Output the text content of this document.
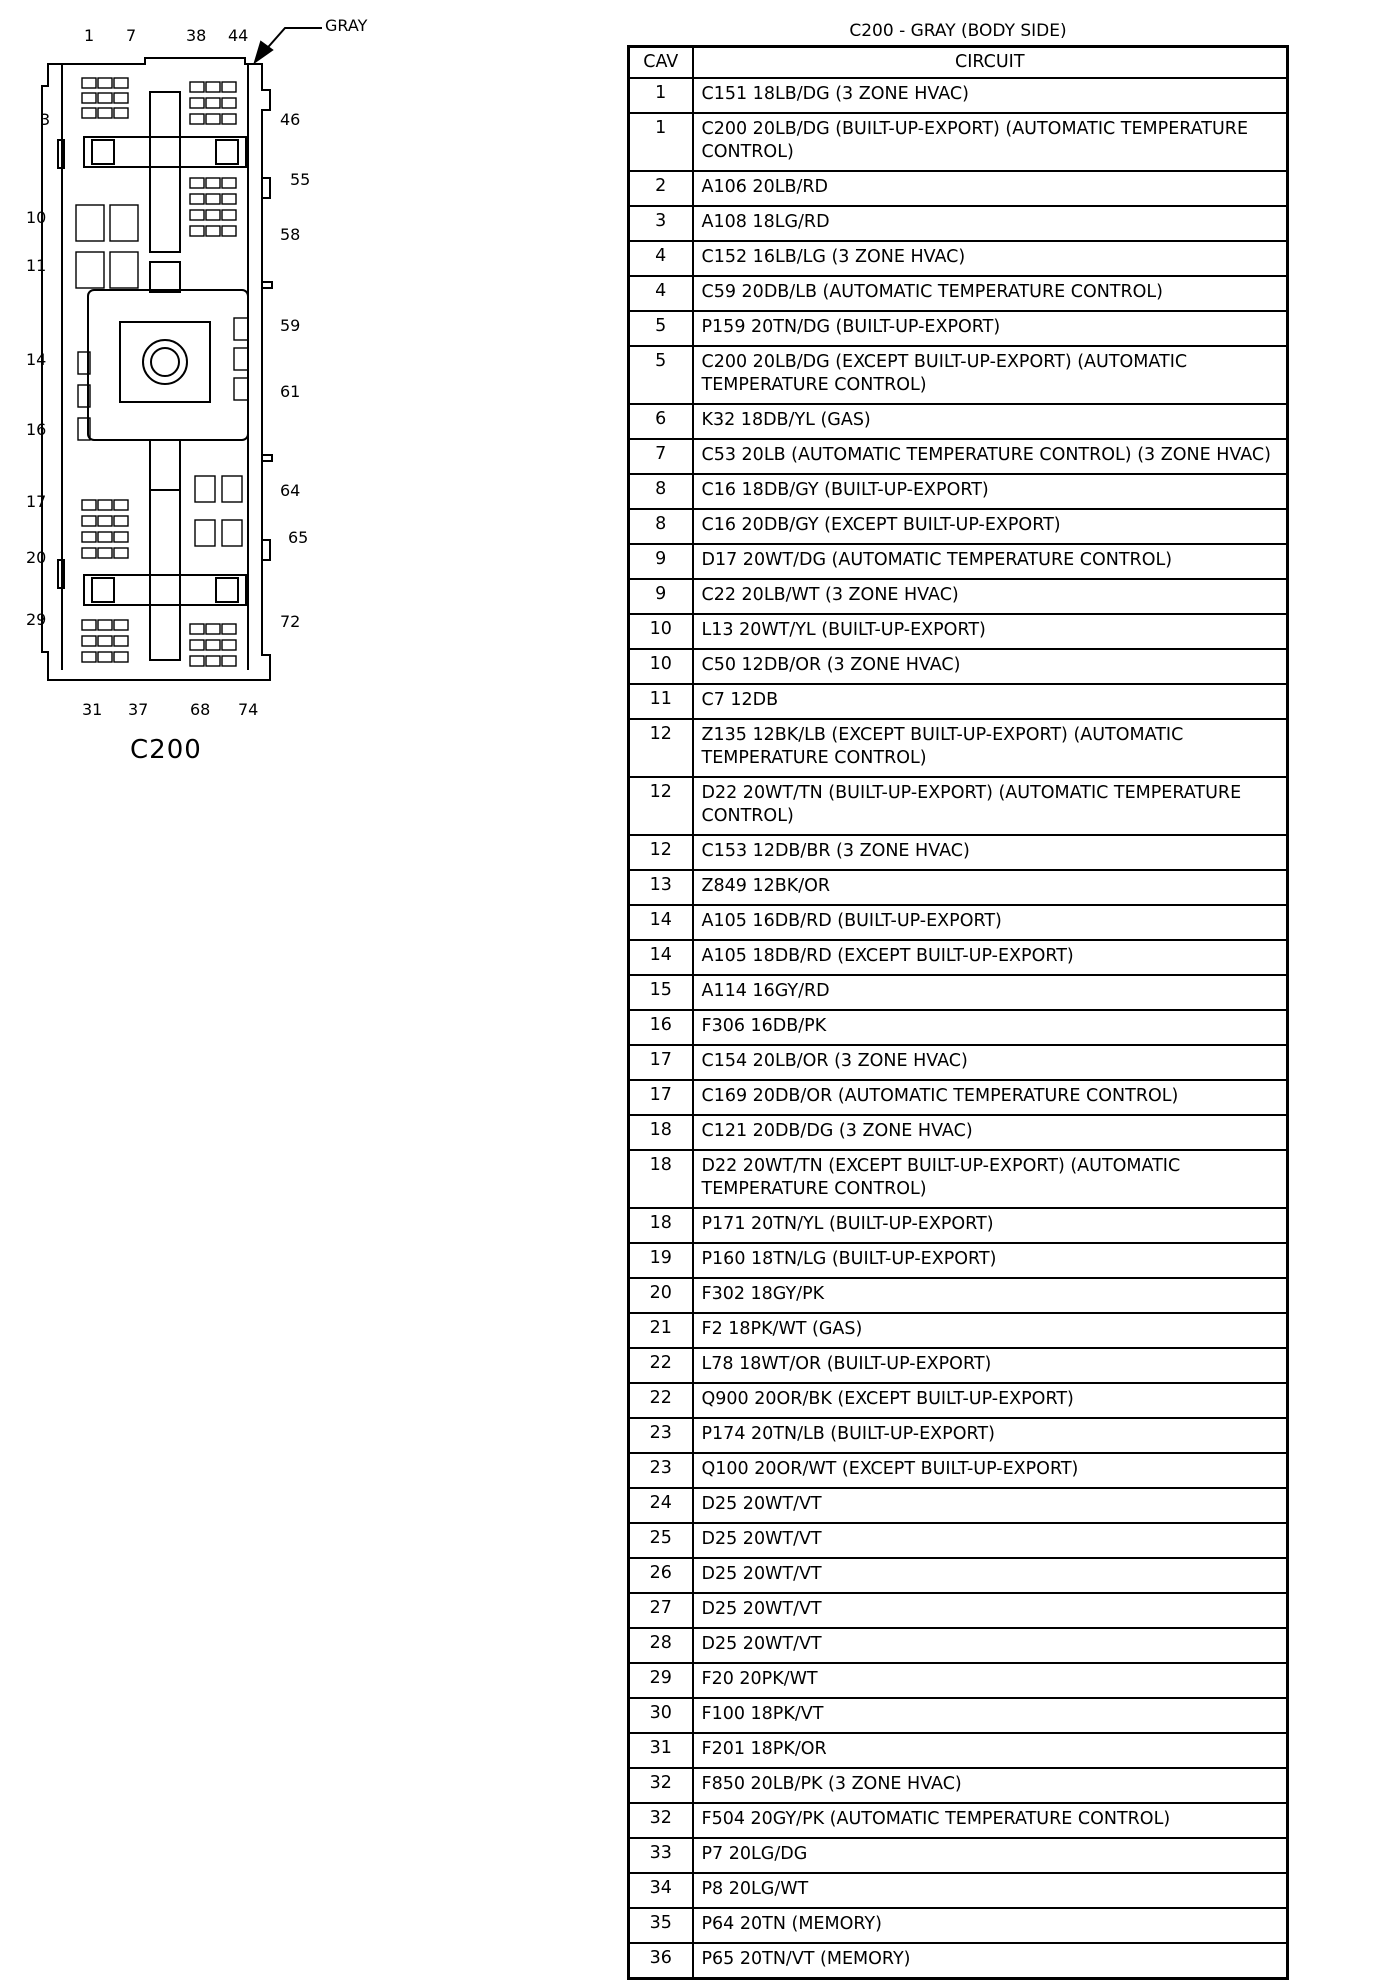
GRAY
1 7	38 44
3
10
11
14
16
17
20
29
46
55
58
59
61
64
65
72
31 37	68 74
C200
C200 - GRAY (BODY SIDE)
CAV	CIRCUIT
1	C151 18LB/DG (3 ZONE HVAC)
1	C200 20LB/DG (BUILT-UP-EXPORT) (AUTOMATIC TEMPERATURE CONTROL)
2	A106 20LB/RD
3	A108 18LG/RD
4	C152 16LB/LG (3 ZONE HVAC)
4	C59 20DB/LB (AUTOMATIC TEMPERATURE CONTROL)
5	P159 20TN/DG (BUILT-UP-EXPORT)
5	C200 20LB/DG (EXCEPT BUILT-UP-EXPORT) (AUTOMATIC TEMPERATURE CONTROL)
6	K32 18DB/YL (GAS)
7	C53 20LB (AUTOMATIC TEMPERATURE CONTROL) (3 ZONE HVAC)
8	C16 18DB/GY (BUILT-UP-EXPORT)
8	C16 20DB/GY (EXCEPT BUILT-UP-EXPORT)
9	D17 20WT/DG (AUTOMATIC TEMPERATURE CONTROL)
9	C22 20LB/WT (3 ZONE HVAC)
10	L13 20WT/YL (BUILT-UP-EXPORT)
10	C50 12DB/OR (3 ZONE HVAC)
11	C7 12DB
12	Z135 12BK/LB (EXCEPT BUILT-UP-EXPORT) (AUTOMATIC TEMPERATURE CONTROL)
12	D22 20WT/TN (BUILT-UP-EXPORT) (AUTOMATIC TEMPERATURE CONTROL)
12	C153 12DB/BR (3 ZONE HVAC)
13	Z849 12BK/OR
14	A105 16DB/RD (BUILT-UP-EXPORT)
14	A105 18DB/RD (EXCEPT BUILT-UP-EXPORT)
15	A114 16GY/RD
16	F306 16DB/PK
17	C154 20LB/OR (3 ZONE HVAC)
17	C169 20DB/OR (AUTOMATIC TEMPERATURE CONTROL)
18	C121 20DB/DG (3 ZONE HVAC)
18	D22 20WT/TN (EXCEPT BUILT-UP-EXPORT) (AUTOMATIC TEMPERATURE CONTROL)
18	P171 20TN/YL (BUILT-UP-EXPORT)
19	P160 18TN/LG (BUILT-UP-EXPORT)
20	F302 18GY/PK
21	F2 18PK/WT (GAS)
22	L78 18WT/OR (BUILT-UP-EXPORT)
22	Q900 20OR/BK (EXCEPT BUILT-UP-EXPORT)
23	P174 20TN/LB (BUILT-UP-EXPORT)
23	Q100 20OR/WT (EXCEPT BUILT-UP-EXPORT)
24	D25 20WT/VT
25	D25 20WT/VT
26	D25 20WT/VT
27	D25 20WT/VT
28	D25 20WT/VT
29	F20 20PK/WT
30	F100 18PK/VT
31	F201 18PK/OR
32	F850 20LB/PK (3 ZONE HVAC)
32	F504 20GY/PK (AUTOMATIC TEMPERATURE CONTROL)
33	P7 20LG/DG
34	P8 20LG/WT
35	P64 20TN (MEMORY)
36	P65 20TN/VT (MEMORY)
